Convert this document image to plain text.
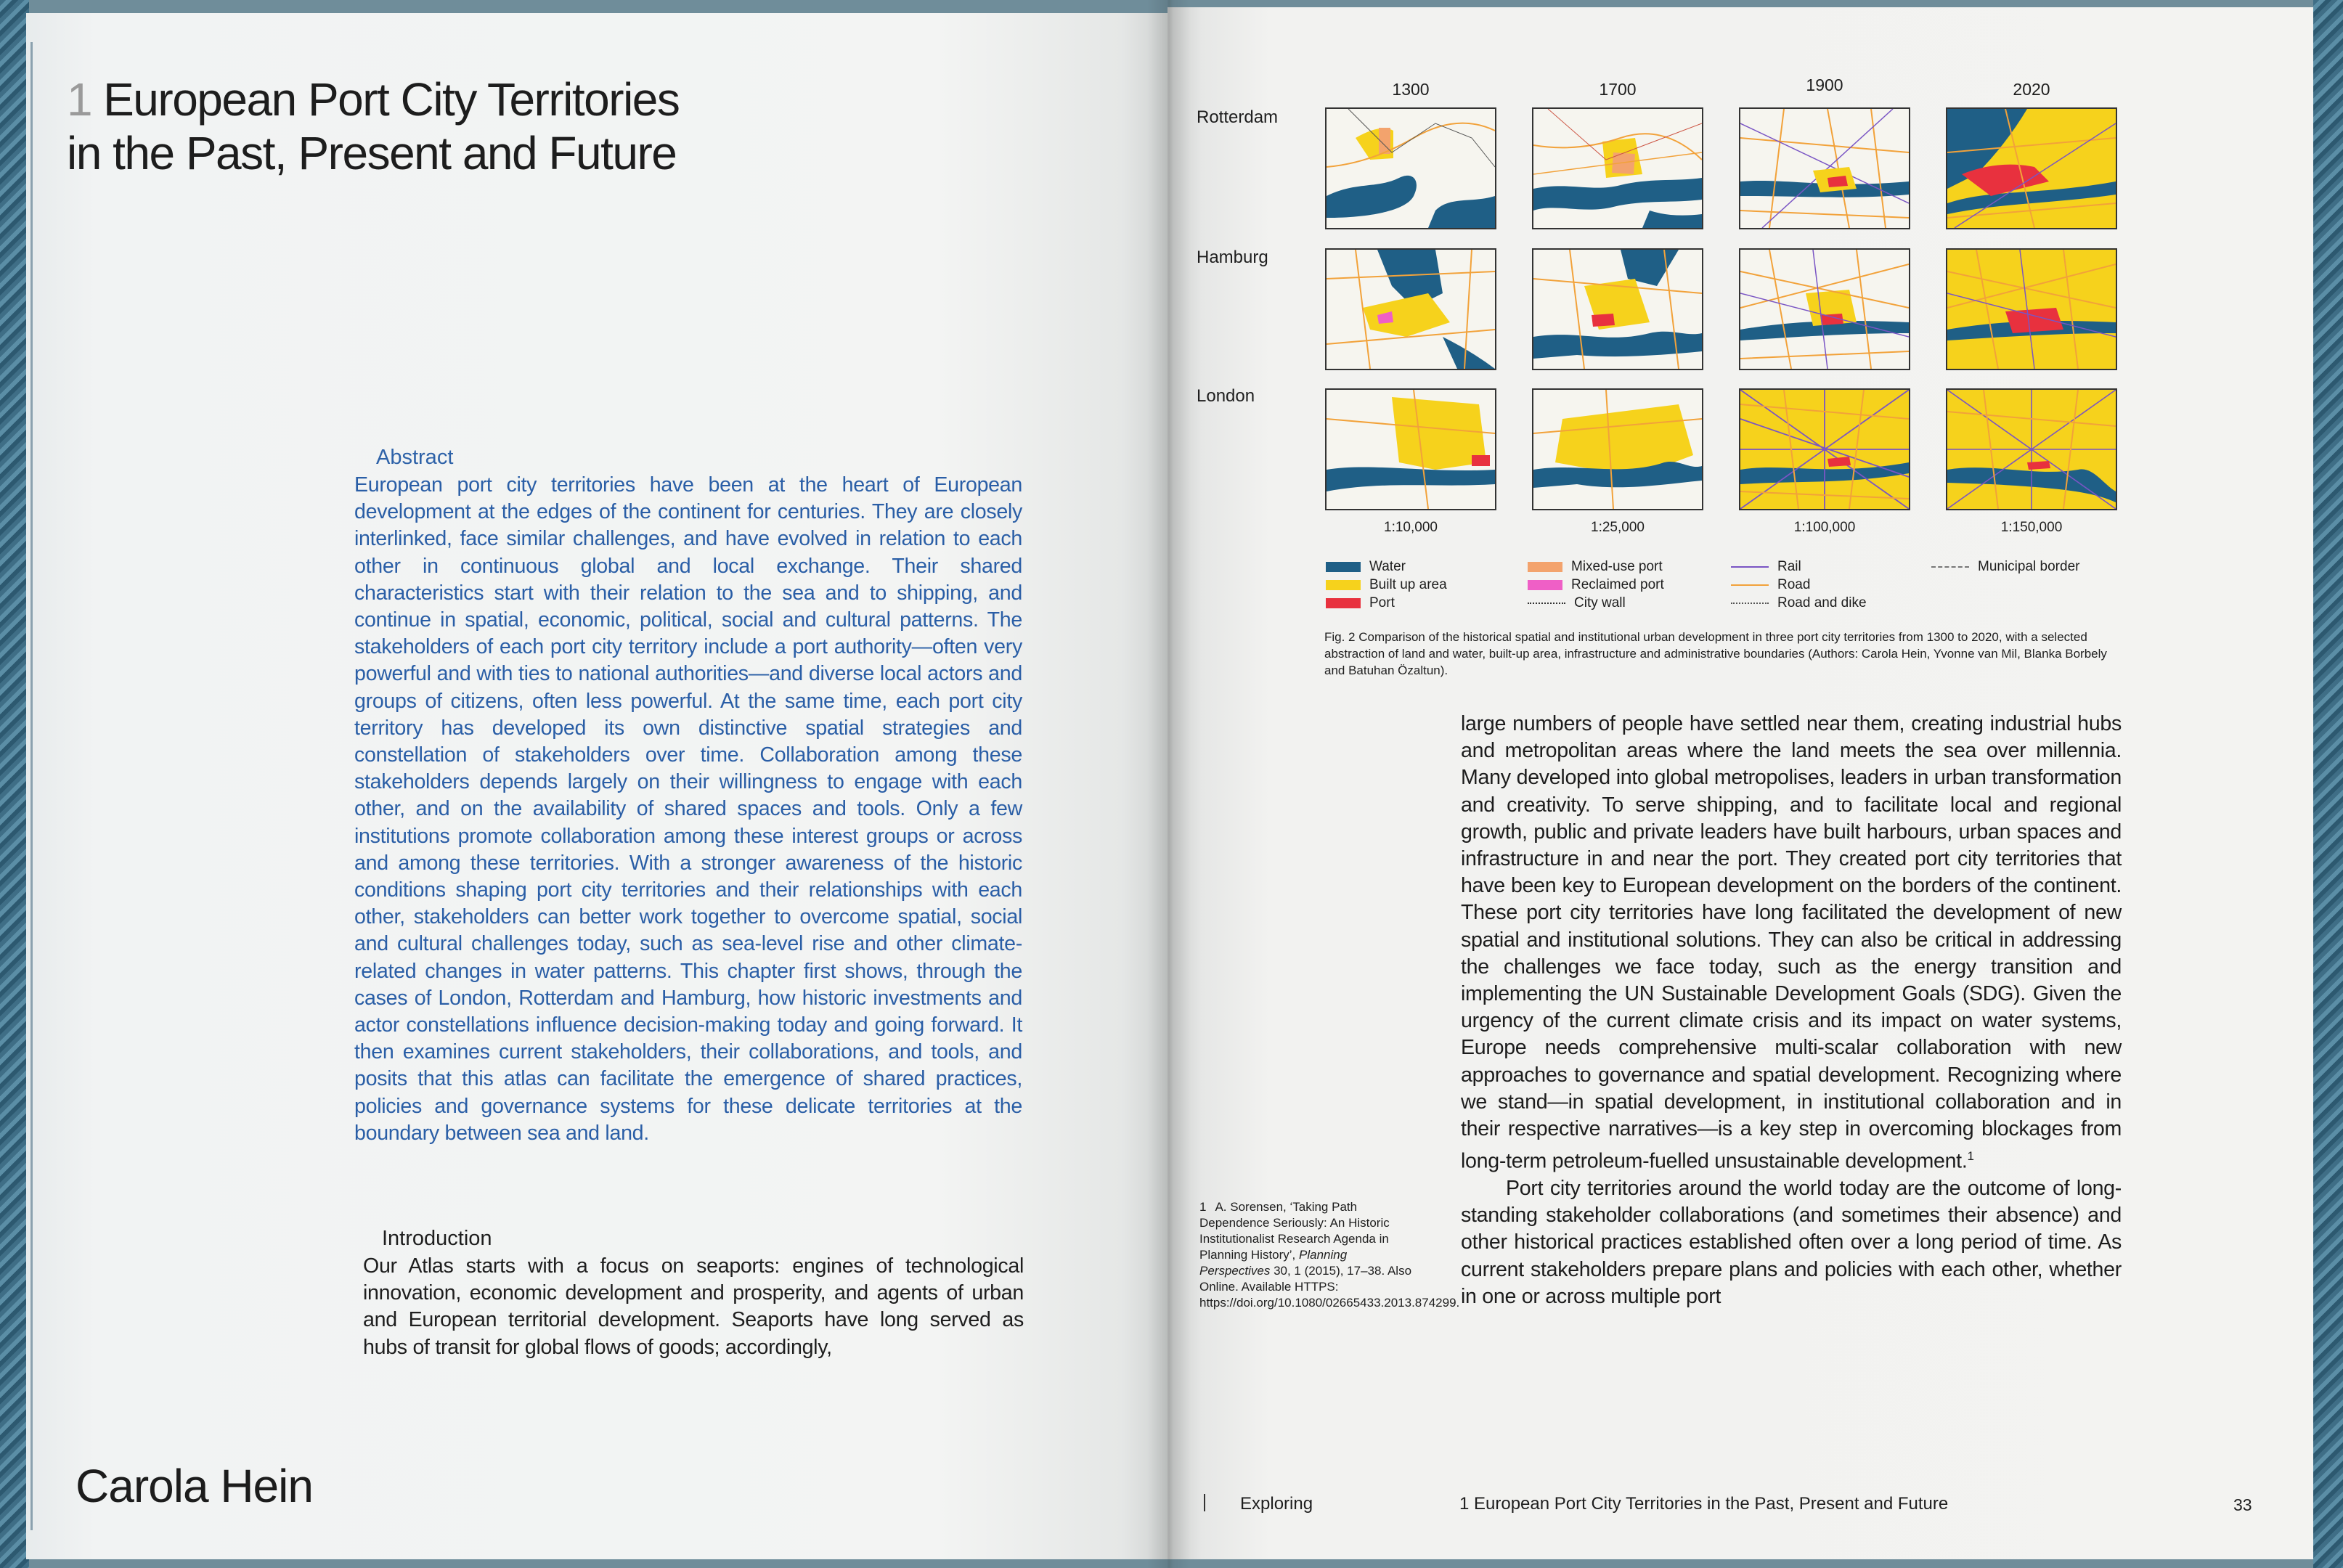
1 European Port City Territories
in the Past, Present and Future
Abstract
European port city territories have been at the heart of European development at the edges of the continent for centuries. They are closely interlinked, face similar challenges, and have evolved in relation to each other in continuous global and local exchange. Their shared characteristics start with their relation to the sea and to shipping, and continue in spatial, economic, political, social and cultural patterns. The stakeholders of each port city territory include a port authority—often very powerful and with ties to national authorities—and diverse local actors and groups of citizens, often less powerful. At the same time, each port city territory has developed its own distinctive spatial strategies and constellation of stakeholders over time. Collaboration among these stakeholders depends largely on their willingness to engage with each other, and on the availability of shared spaces and tools. Only a few institutions promote collaboration among these interest groups or across and among these territories. With a stronger awareness of the historic conditions shaping port city territories and their relationships with each other, stakeholders can better work together to overcome spatial, social and cultural challenges today, such as sea-level rise and other climate-related changes in water patterns. This chapter first shows, through the cases of London, Rotterdam and Hamburg, how historic investments and actor constellations influence decision-making today and going forward. It then examines current stakeholders, their collaborations, and tools, and posits that this atlas can facilitate the emergence of shared practices, policies and governance systems for these delicate territories at the boundary between sea and land.
Introduction
Our Atlas starts with a focus on seaports: engines of technological innovation, economic development and prosperity, and agents of urban and European territorial development. Seaports have long served as hubs of transit for global flows of goods; accordingly,
Carola Hein
1300	1700	1900	2020
Rotterdam
Hamburg
London
1:10,000	1:25,000	1:100,000	1:150,000
Water
Built up area
Port
Mixed-use port
Reclaimed port
City wall
Rail
Road
Road and dike
Municipal border
Fig. 2 Comparison of the historical spatial and institutional urban development in three port city territories from 1300 to 2020, with a selected abstraction of land and water, built-up area, infrastructure and administrative boundaries (Authors: Carola Hein, Yvonne van Mil, Blanka Borbely and Batuhan Özaltun).

large numbers of people have settled near them, creating industrial hubs and metropolitan areas where the land meets the sea over millennia. Many developed into global metropolises, leaders in urban transformation and creativity. To serve shipping, and to facilitate local and regional growth, public and private leaders have built harbours, urban spaces and infrastructure in and near the port. They created port city territories that have been key to European development on the borders of the continent. These port city territories have long facilitated the development of new spatial and institutional solutions. They can also be critical in addressing the challenges we face today, such as the energy transition and implementing the UN Sustainable Development Goals (SDG). Given the urgency of the current climate crisis and its impact on water systems, Europe needs comprehensive multi-scalar collaboration with new approaches to governance and spatial development. Recognizing where we stand—in spatial development, in institutional collaboration and in their respective narratives—is a key step in overcoming blockages from long-term petroleum-fuelled unsustainable development.$^1$

Port city territories around the world today are the outcome of long-standing stakeholder collaborations (and sometimes their absence) and other historical practices established often over a long period of time. As current stakeholders prepare plans and policies with each other, whether in one or across multiple port

1 A. Sorensen, ‘Taking Path Dependence Seriously: An Historic Institutionalist Research Agenda in Planning History’, Planning Perspectives 30, 1 (2015), 17–38. Also Online. Available HTTPS: https://doi.org/10.1080/02665433.2013.874299.
Exploring	1 European Port City Territories in the Past, Present and Future	33
